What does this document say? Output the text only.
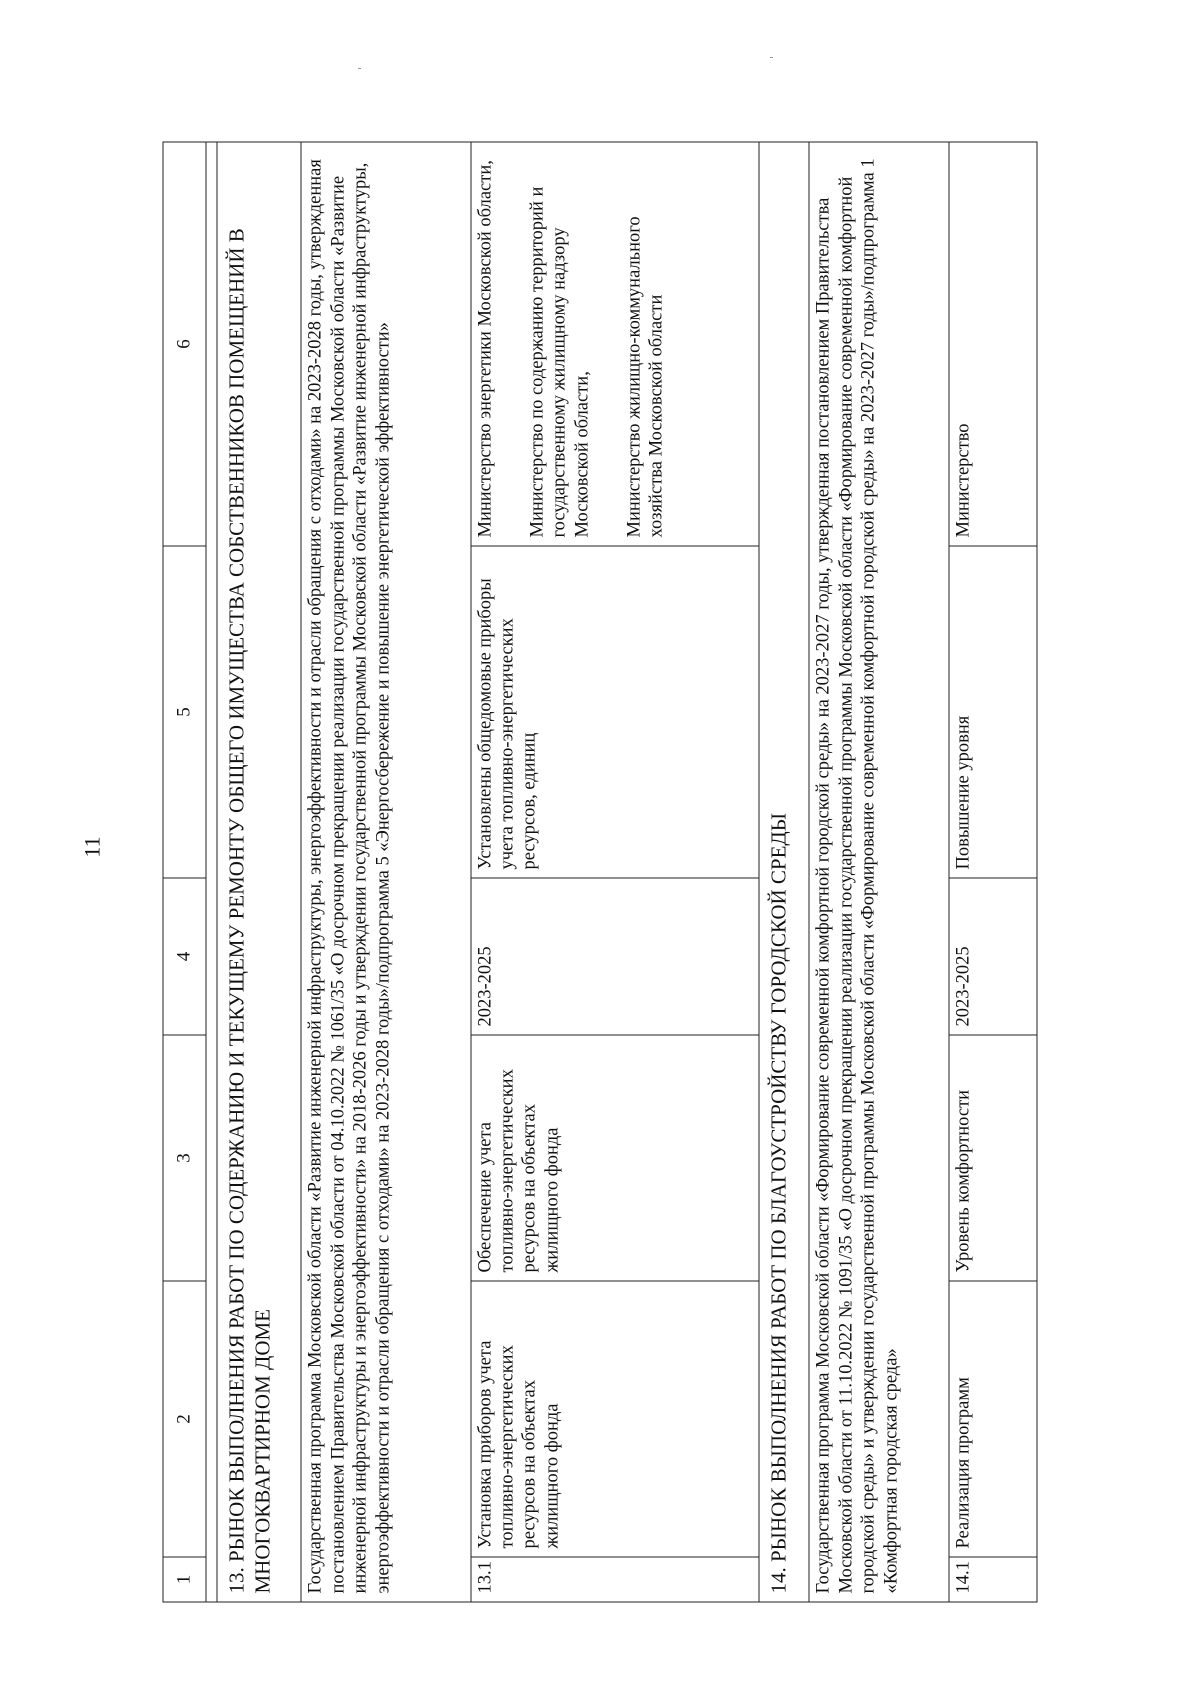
11
1	2	3	4	5	6

13. РЫНОК ВЫПОЛНЕНИЯ РАБОТ ПО СОДЕРЖАНИЮ И ТЕКУЩЕМУ РЕМОНТУ ОБЩЕГО ИМУЩЕСТВА СОБСТВЕННИКОВ ПОМЕЩЕНИЙ В МНОГОКВАРТИРНОМ ДОМЕ					
Государственная программа Московской области «Развитие инженерной инфраструктуры, энергоэффективности и отрасли обращения с отходами» на 2023-2028 годы, утвержденная постановлением Правительства Московской области от 04.10.2022 № 1061/35 «О досрочном прекращении реализации государственной программы Московской области «Развитие инженерной инфраструктуры и энергоэффективности» на 2018-2026 годы и утверждении государственной программы Московской области «Развитие инженерной инфраструктуры, энергоэффективности и отрасли обращения с отходами» на 2023-2028 годы»/подпрограмма 5 «Энергосбережение и повышение энергетической эффективности»					
13.1	Установка приборов учета топливно-энергетических ресурсов на объектах жилищного фонда	Обеспечение учета топливно-энергетических ресурсов на объектах жилищного фонда	2023-2025	Установлены общедомовые приборы учета топливно-энергетических ресурсов, единиц	Министерство энергетики Московской области, Министерство по содержанию территорий и государственному жилищному надзору Московской области, Министерство жилищно-коммунального хозяйства Московской области

14. РЫНОК ВЫПОЛНЕНИЯ РАБОТ ПО БЛАГОУСТРОЙСТВУ ГОРОДСКОЙ СРЕДЫ					
Государственная программа Московской области «Формирование современной комфортной городской среды» на 2023-2027 годы, утвержденная постановлением Правительства Московской области от 11.10.2022 № 1091/35 «О досрочном прекращении реализации государственной программы Московской области «Формирование современной комфортной городской среды» и утверждении государственной программы Московской области «Формирование современной комфортной городской среды» на 2023-2027 годы»/подпрограмма 1 «Комфортная городская среда»					
14.1	Реализация программ	Уровень комфортности	2023-2025	Повышение уровня	Министерство
